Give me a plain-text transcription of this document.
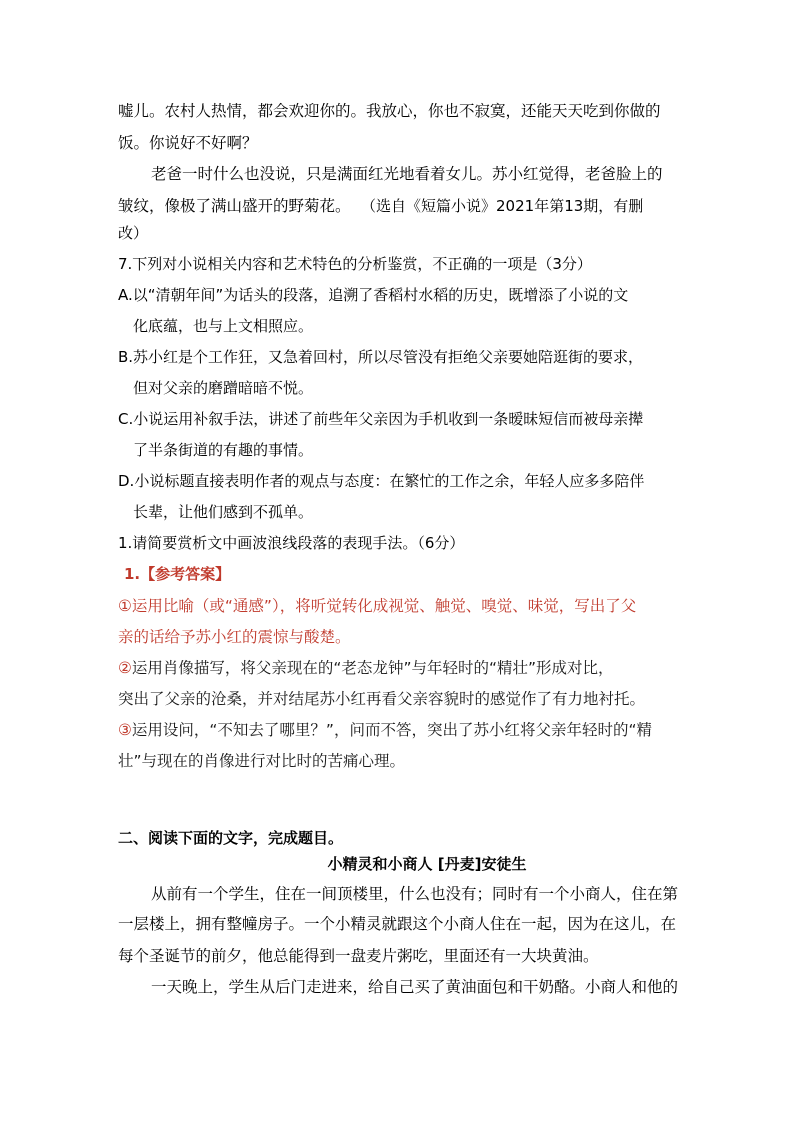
嘘儿。农村人热情，都会欢迎你的。我放心，你也不寂寞，还能天天吃到你做的
饭。你说好不好啊？
老爸一时什么也没说，只是满面红光地看着女儿。苏小红觉得，老爸脸上的
皱纹，像极了满山盛开的野菊花。 （选自《短篇小说》2021年第13期，有删
改）
7.下列对小说相关内容和艺术特色的分析鉴赏，不正确的一项是（3分）
A.以“清朝年间”为话头的段落，追溯了香稻村水稻的历史，既增添了小说的文
化底蕴，也与上文相照应。
B.苏小红是个工作狂，又急着回村，所以尽管没有拒绝父亲要她陪逛街的要求，
但对父亲的磨蹭暗暗不悦。
C.小说运用补叙手法，讲述了前些年父亲因为手机收到一条暧昧短信而被母亲撵
了半条街道的有趣的事情。
D.小说标题直接表明作者的观点与态度：在繁忙的工作之余，年轻人应多多陪伴
长辈，让他们感到不孤单。
1.请简要赏析文中画波浪线段落的表现手法。（6分）
1.【参考答案】
①运用比喻（或“通感”），将听觉转化成视觉、触觉、嗅觉、味觉，写出了父
亲的话给予苏小红的震惊与酸楚。
②运用肖像描写，将父亲现在的“老态龙钟”与年轻时的“精壮”形成对比，
突出了父亲的沧桑，并对结尾苏小红再看父亲容貌时的感觉作了有力地衬托。
③运用设问，“不知去了哪里？”，问而不答，突出了苏小红将父亲年轻时的“精
壮”与现在的肖像进行对比时的苦痛心理。
二、阅读下面的文字，完成题目。
小精灵和小商人 [丹麦]安徒生
从前有一个学生，住在一间顶楼里，什么也没有；同时有一个小商人，住在第
一层楼上，拥有整幢房子。一个小精灵就跟这个小商人住在一起，因为在这儿，在
每个圣诞节的前夕，他总能得到一盘麦片粥吃，里面还有一大块黄油。
一天晚上，学生从后门走进来，给自己买了黄油面包和干奶酪。小商人和他的
